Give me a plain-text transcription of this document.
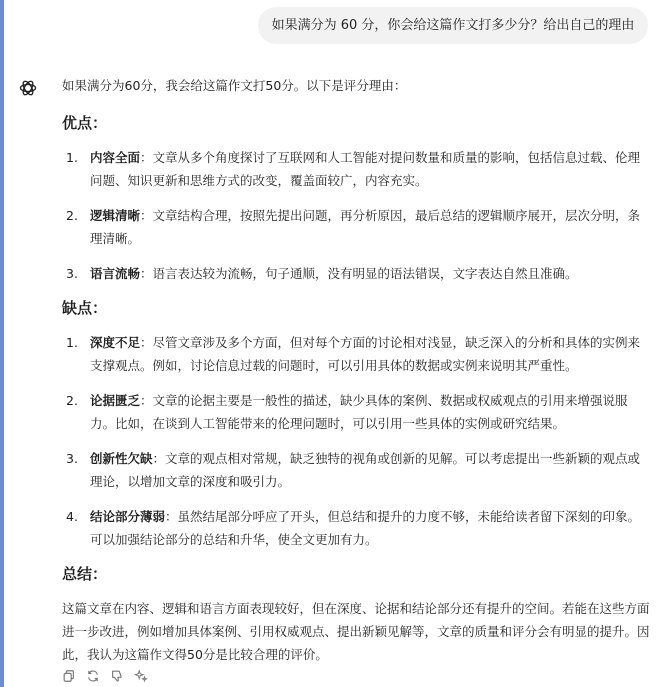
如果满分为 60 分，你会给这篇作文打多少分？给出自己的理由

如果满分为60分，我会给这篇作文打50分。以下是评分理由：

优点：
1. 内容全面：文章从多个角度探讨了互联网和人工智能对提问数量和质量的影响，包括信息过载、伦理问题、知识更新和思维方式的改变，覆盖面较广，内容充实。
2. 逻辑清晰：文章结构合理，按照先提出问题，再分析原因，最后总结的逻辑顺序展开，层次分明，条理清晰。
3. 语言流畅：语言表达较为流畅，句子通顺，没有明显的语法错误，文字表达自然且准确。
缺点：
1. 深度不足：尽管文章涉及多个方面，但对每个方面的讨论相对浅显，缺乏深入的分析和具体的实例来支撑观点。例如，讨论信息过载的问题时，可以引用具体的数据或实例来说明其严重性。
2. 论据匮乏：文章的论据主要是一般性的描述，缺少具体的案例、数据或权威观点的引用来增强说服力。比如，在谈到人工智能带来的伦理问题时，可以引用一些具体的实例或研究结果。
3. 创新性欠缺：文章的观点相对常规，缺乏独特的视角或创新的见解。可以考虑提出一些新颖的观点或理论，以增加文章的深度和吸引力。
4. 结论部分薄弱：虽然结尾部分呼应了开头，但总结和提升的力度不够，未能给读者留下深刻的印象。可以加强结论部分的总结和升华，使全文更加有力。
总结：
这篇文章在内容、逻辑和语言方面表现较好，但在深度、论据和结论部分还有提升的空间。若能在这些方面进一步改进，例如增加具体案例、引用权威观点、提出新颖见解等，文章的质量和评分会有明显的提升。因此，我认为这篇作文得50分是比较合理的评价。
